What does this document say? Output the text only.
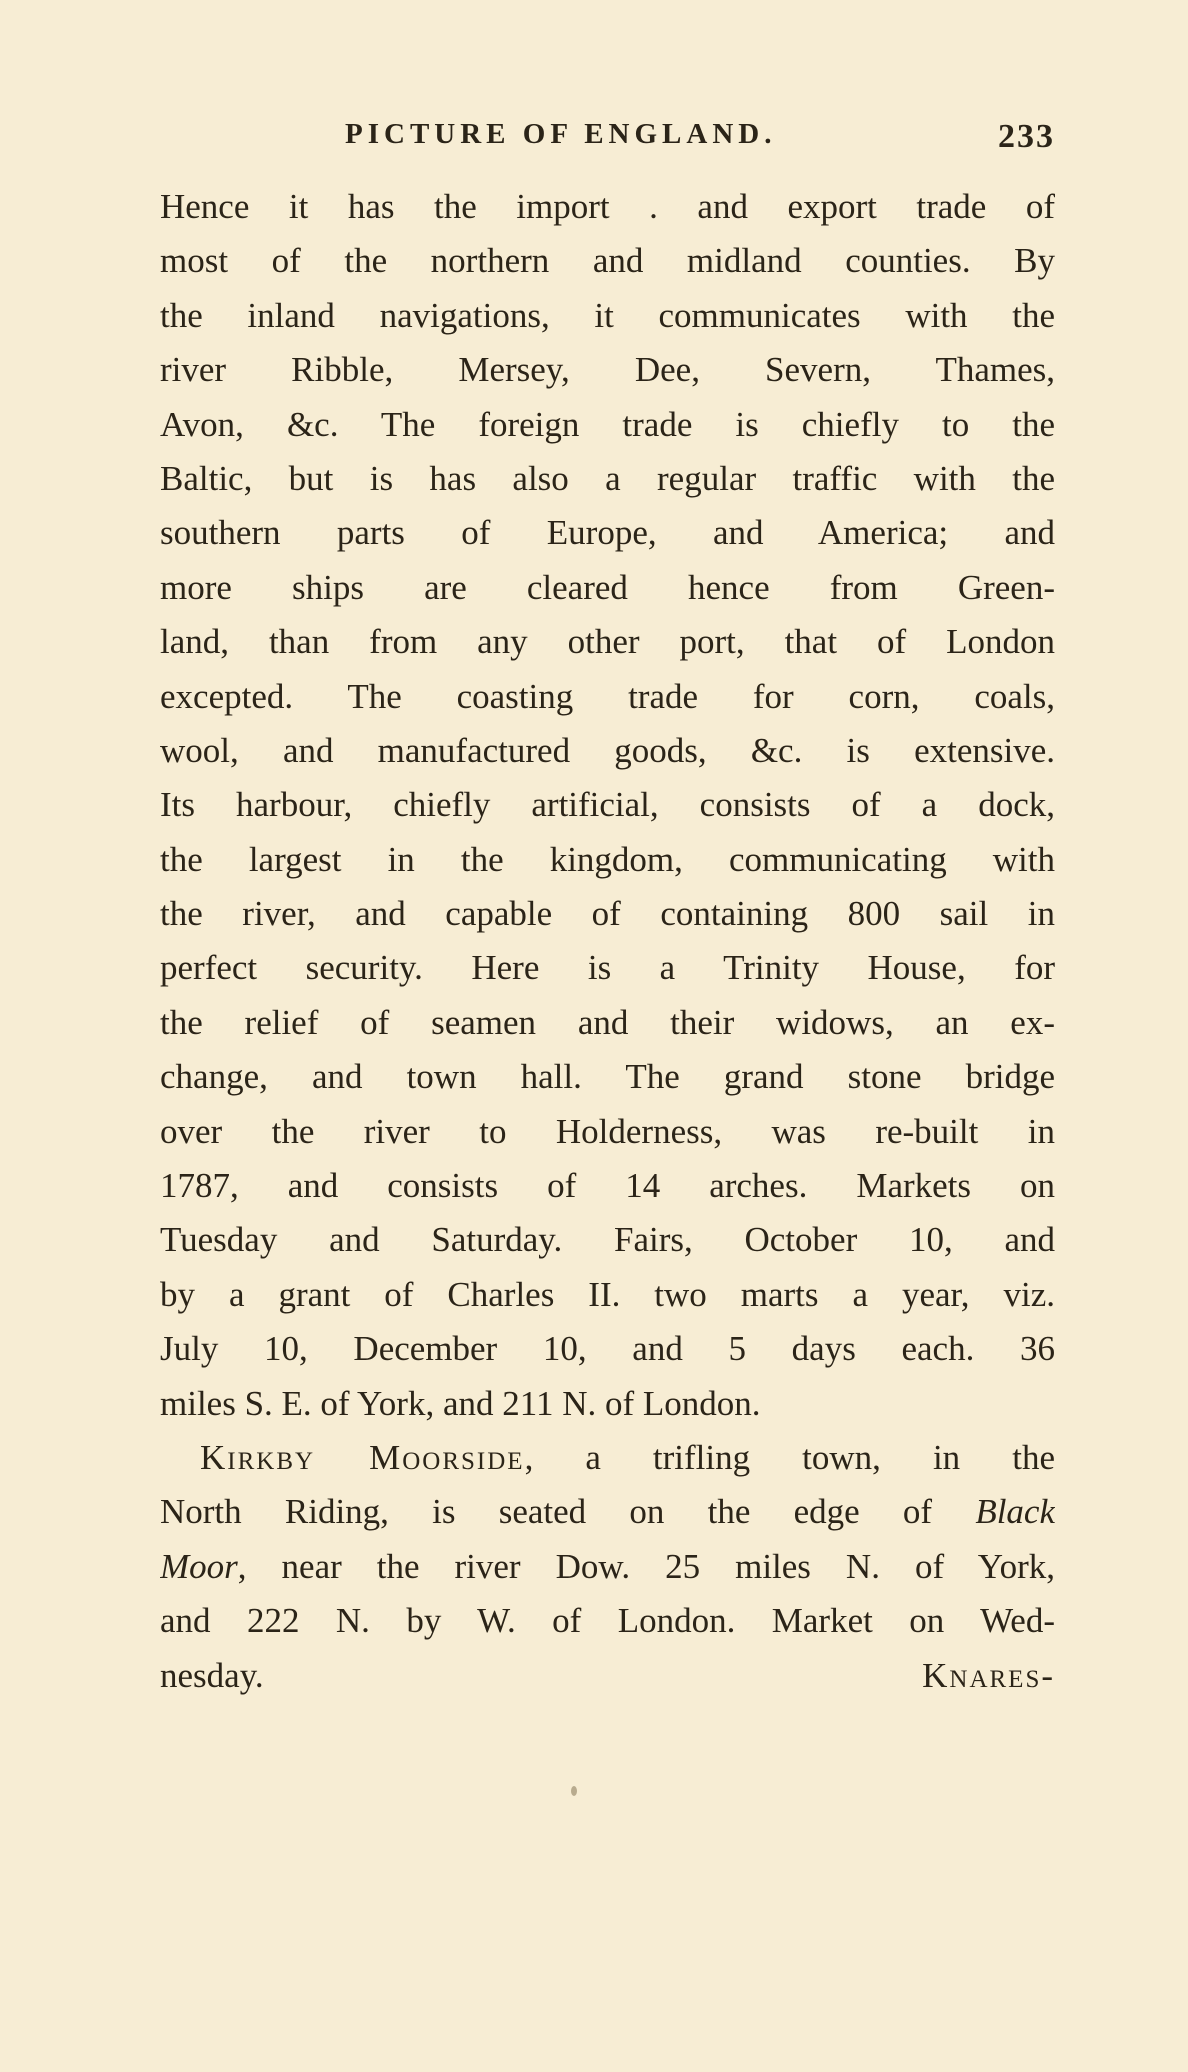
PICTURE OF ENGLAND.	233
Hence it has the import . and export trade of
most of the northern and midland counties. By
the inland navigations, it communicates with the
river Ribble, Mersey, Dee, Severn, Thames,
Avon, &c. The foreign trade is chiefly to the
Baltic, but is has also a regular traffic with the
southern parts of Europe, and America; and
more ships are cleared hence from Green-
land, than from any other port, that of London
excepted. The coasting trade for corn, coals,
wool, and manufactured goods, &c. is extensive.
Its harbour, chiefly artificial, consists of a dock,
the largest in the kingdom, communicating with
the river, and capable of containing 800 sail in
perfect security. Here is a Trinity House, for
the relief of seamen and their widows, an ex-
change, and town hall. The grand stone bridge
over the river to Holderness, was re-built in
1787, and consists of 14 arches. Markets on
Tuesday and Saturday. Fairs, October 10, and
by a grant of Charles II. two marts a year, viz.
July 10, December 10, and 5 days each. 36
miles S. E. of York, and 211 N. of London.
Kirkby Moorside, a trifling town, in the
North Riding, is seated on the edge of Black
Moor, near the river Dow. 25 miles N. of York,
and 222 N. by W. of London. Market on Wed-
nesday.	Knares-
